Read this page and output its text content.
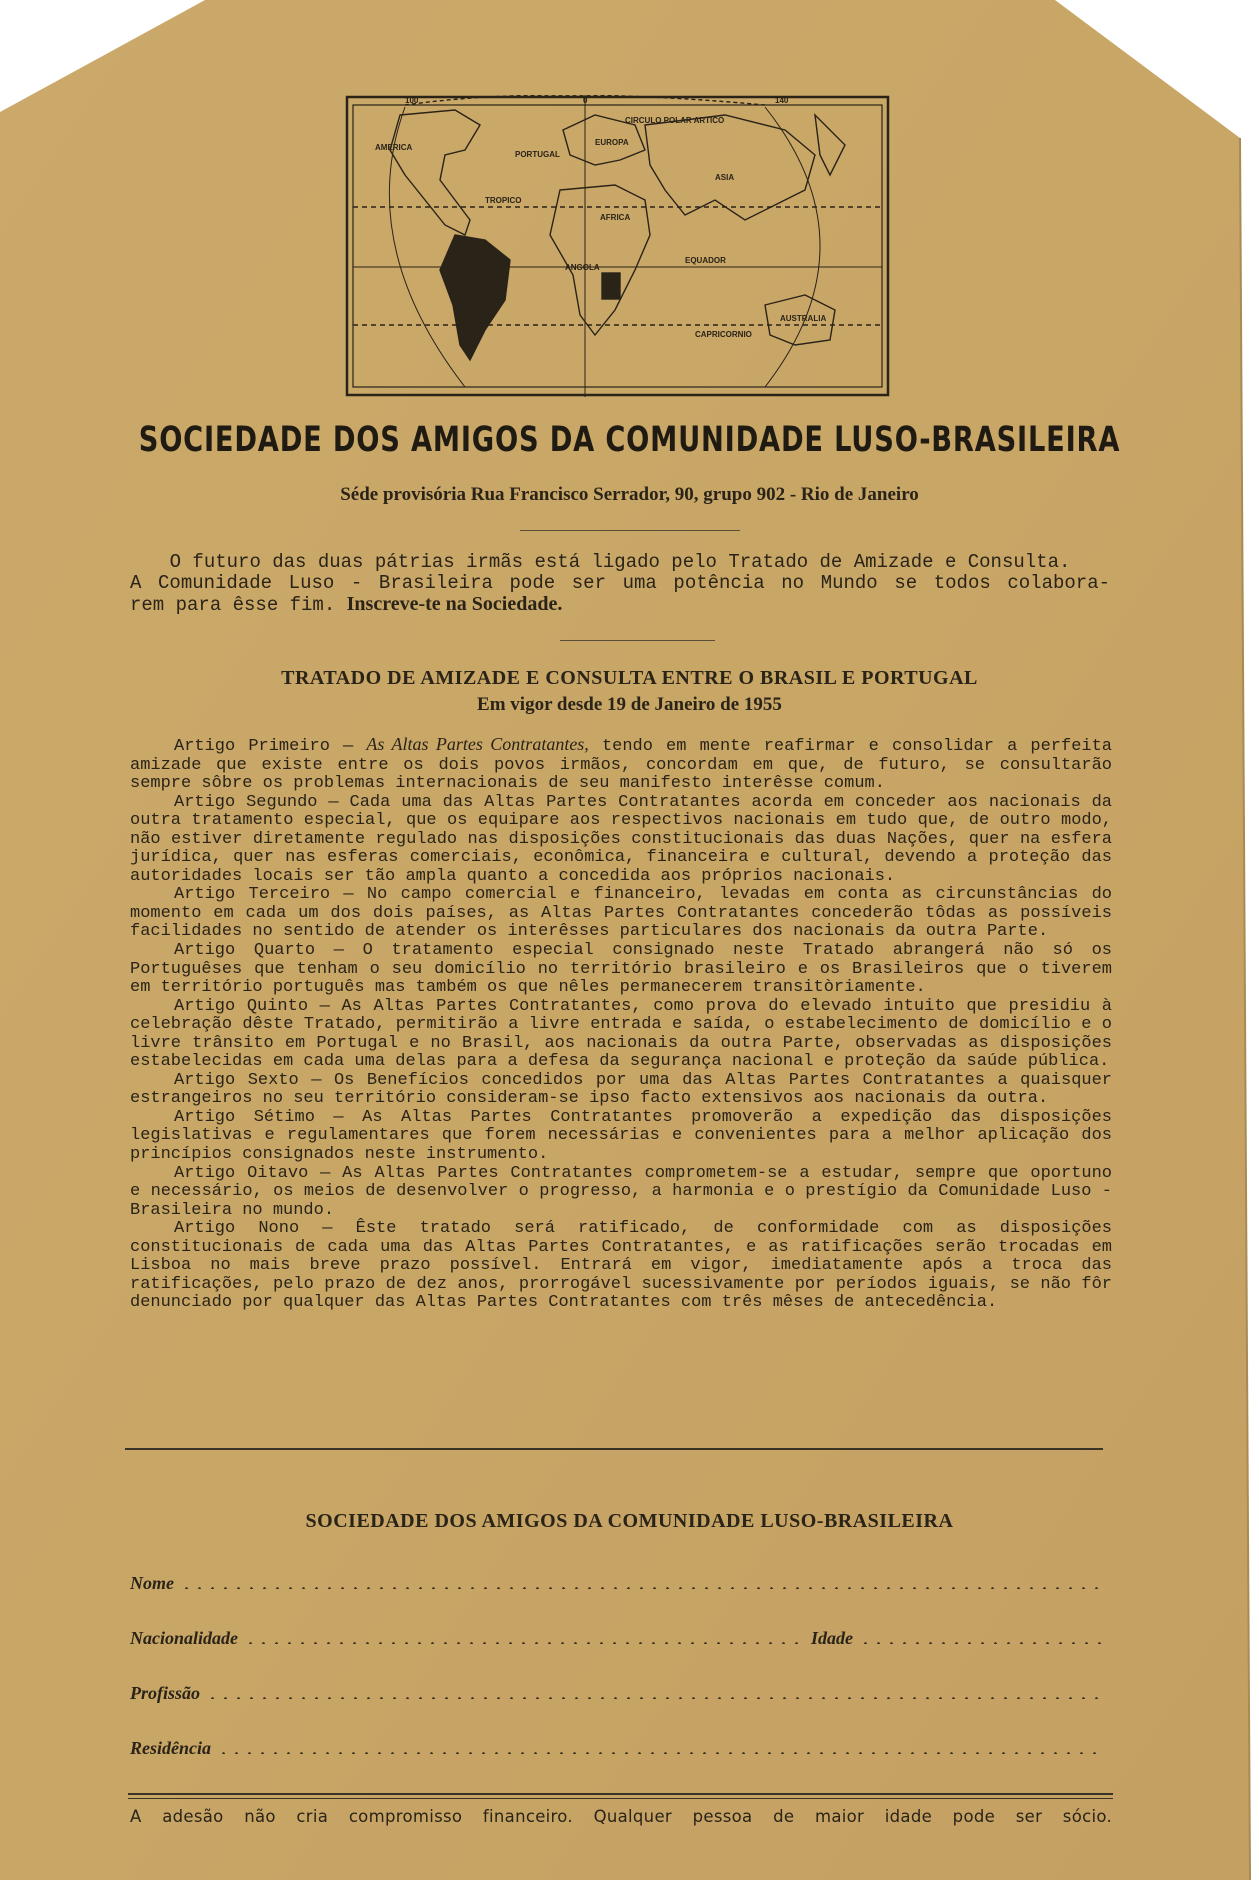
100	0	140
AMERICA
EUROPA
ASIA
AFRICA
PORTUGAL
ANGOLA
AUSTRALIA
CIRCULO POLAR ARTICO
TROPICO
EQUADOR
CAPRICORNIO
SOCIEDADE DOS AMIGOS DA COMUNIDADE LUSO-BRASILEIRA
Séde provisória Rua Francisco Serrador, 90, grupo 902 - Rio de Janeiro
O futuro das duas pátrias irmãs está ligado pelo Tratado de Amizade e Consulta.
A Comunidade Luso - Brasileira pode ser uma potência no Mundo se todos colabora-
rem para êsse fim. Inscreve-te na Sociedade.
TRATADO DE AMIZADE E CONSULTA ENTRE O BRASIL E PORTUGAL
Em vigor desde 19 de Janeiro de 1955

Artigo Primeiro — As Altas Partes Contratantes, tendo em mente reafirmar e consolidar a perfeita amizade que existe entre os dois povos irmãos, concordam em que, de futuro, se consultarão sempre sôbre os problemas internacionais de seu manifesto interêsse comum.

Artigo Segundo — Cada uma das Altas Partes Contratantes acorda em conceder aos nacionais da outra tratamento especial, que os equipare aos respectivos nacionais em tudo que, de outro modo, não estiver diretamente regulado nas disposições constitucionais das duas Nações, quer na esfera jurídica, quer nas esferas comerciais, econômica, financeira e cultural, devendo a proteção das autoridades locais ser tão ampla quanto a concedida aos próprios nacionais.

Artigo Terceiro — No campo comercial e financeiro, levadas em conta as circunstâncias do momento em cada um dos dois países, as Altas Partes Contratantes concederão tôdas as possíveis facilidades no sentido de atender os interêsses particulares dos nacionais da outra Parte.

Artigo Quarto — O tratamento especial consignado neste Tratado abrangerá não só os Portuguêses que tenham o seu domicílio no território brasileiro e os Brasileiros que o tiverem em território português mas também os que nêles permanecerem transitòriamente.

Artigo Quinto — As Altas Partes Contratantes, como prova do elevado intuito que presidiu à celebração dêste Tratado, permitirão a livre entrada e saída, o estabelecimento de domicílio e o livre trânsito em Portugal e no Brasil, aos nacionais da outra Parte, observadas as disposições estabelecidas em cada uma delas para a defesa da segurança nacional e proteção da saúde pública.

Artigo Sexto — Os Benefícios concedidos por uma das Altas Partes Contratantes a quaisquer estrangeiros no seu território consideram-se ipso facto extensivos aos nacionais da outra.

Artigo Sétimo — As Altas Partes Contratantes promoverão a expedição das disposições legislativas e regulamentares que forem necessárias e convenientes para a melhor aplicação dos princípios consignados neste instrumento.

Artigo Oitavo — As Altas Partes Contratantes comprometem-se a estudar, sempre que oportuno e necessário, os meios de desenvolver o progresso, a harmonia e o prestígio da Comunidade Luso - Brasileira no mundo.

Artigo Nono — Êste tratado será ratificado, de conformidade com as disposições constitucionais de cada uma das Altas Partes Contratantes, e as ratificações serão trocadas em Lisboa no mais breve prazo possível. Entrará em vigor, imediatamente após a troca das ratificações, pelo prazo de dez anos, prorrogável sucessivamente por períodos iguais, se não fôr denunciado por qualquer das Altas Partes Contratantes com três mêses de antecedência.

SOCIEDADE DOS AMIGOS DA COMUNIDADE LUSO-BRASILEIRA
Nome
Nacionalidade	Idade
Profissão
Residência
A adesão não cria compromisso financeiro. Qualquer pessoa de maior idade pode ser sócio.
